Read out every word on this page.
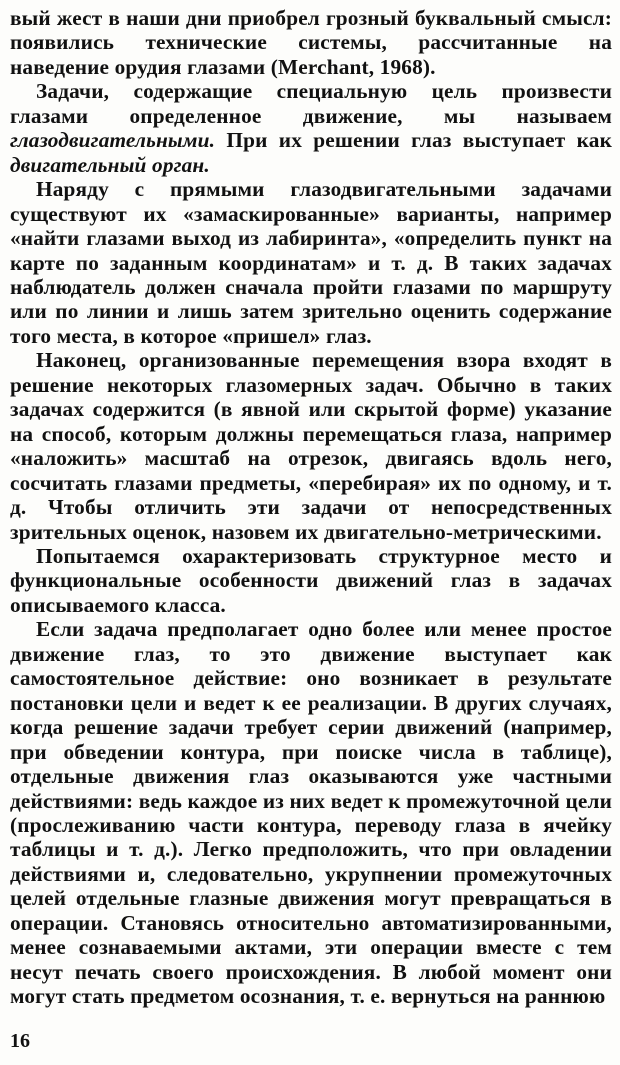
вый жест в наши дни приобрел грозный буквальный смысл: появились технические системы, рассчитанные на наведение орудия глазами (Merchant, 1968).

Задачи, содержащие специальную цель произвести глазами определенное движение, мы называем глазодвигательными. При их решении глаз выступает как двигательный орган.

Наряду с прямыми глазодвигательными задачами существуют их «замаскированные» варианты, например «найти глазами выход из лабиринта», «определить пункт на карте по заданным координатам» и т. д. В таких задачах наблюдатель должен сначала пройти глазами по маршруту или по линии и лишь затем зрительно оценить содержание того места, в которое «пришел» глаз.

Наконец, организованные перемещения взора входят в решение некоторых глазомерных задач. Обычно в таких задачах содержится (в явной или скрытой форме) указание на способ, которым должны перемещаться глаза, например «наложить» масштаб на отрезок, двигаясь вдоль него, сосчитать глазами предметы, «перебирая» их по одному, и т. д. Чтобы отличить эти задачи от непосредственных зрительных оценок, назовем их двигательно-метрическими.

Попытаемся охарактеризовать структурное место и функциональные особенности движений глаз в задачах описываемого класса.

Если задача предполагает одно более или менее простое движение глаз, то это движение выступает как самостоятельное действие: оно возникает в результате постановки цели и ведет к ее реализации. В других случаях, когда решение задачи требует серии движений (например, при обведении контура, при поиске числа в таблице), отдельные движения глаз оказываются уже частными действиями: ведь каждое из них ведет к промежуточной цели (прослеживанию части контура, переводу глаза в ячейку таблицы и т. д.). Легко предположить, что при овладении действиями и, следовательно, укрупнении промежуточных целей отдельные глазные движения могут превращаться в операции. Становясь относительно автоматизированными, менее сознаваемыми актами, эти операции вместе с тем несут печать своего происхождения. В любой момент они могут стать предметом осознания, т. е. вернуться на раннюю

16
